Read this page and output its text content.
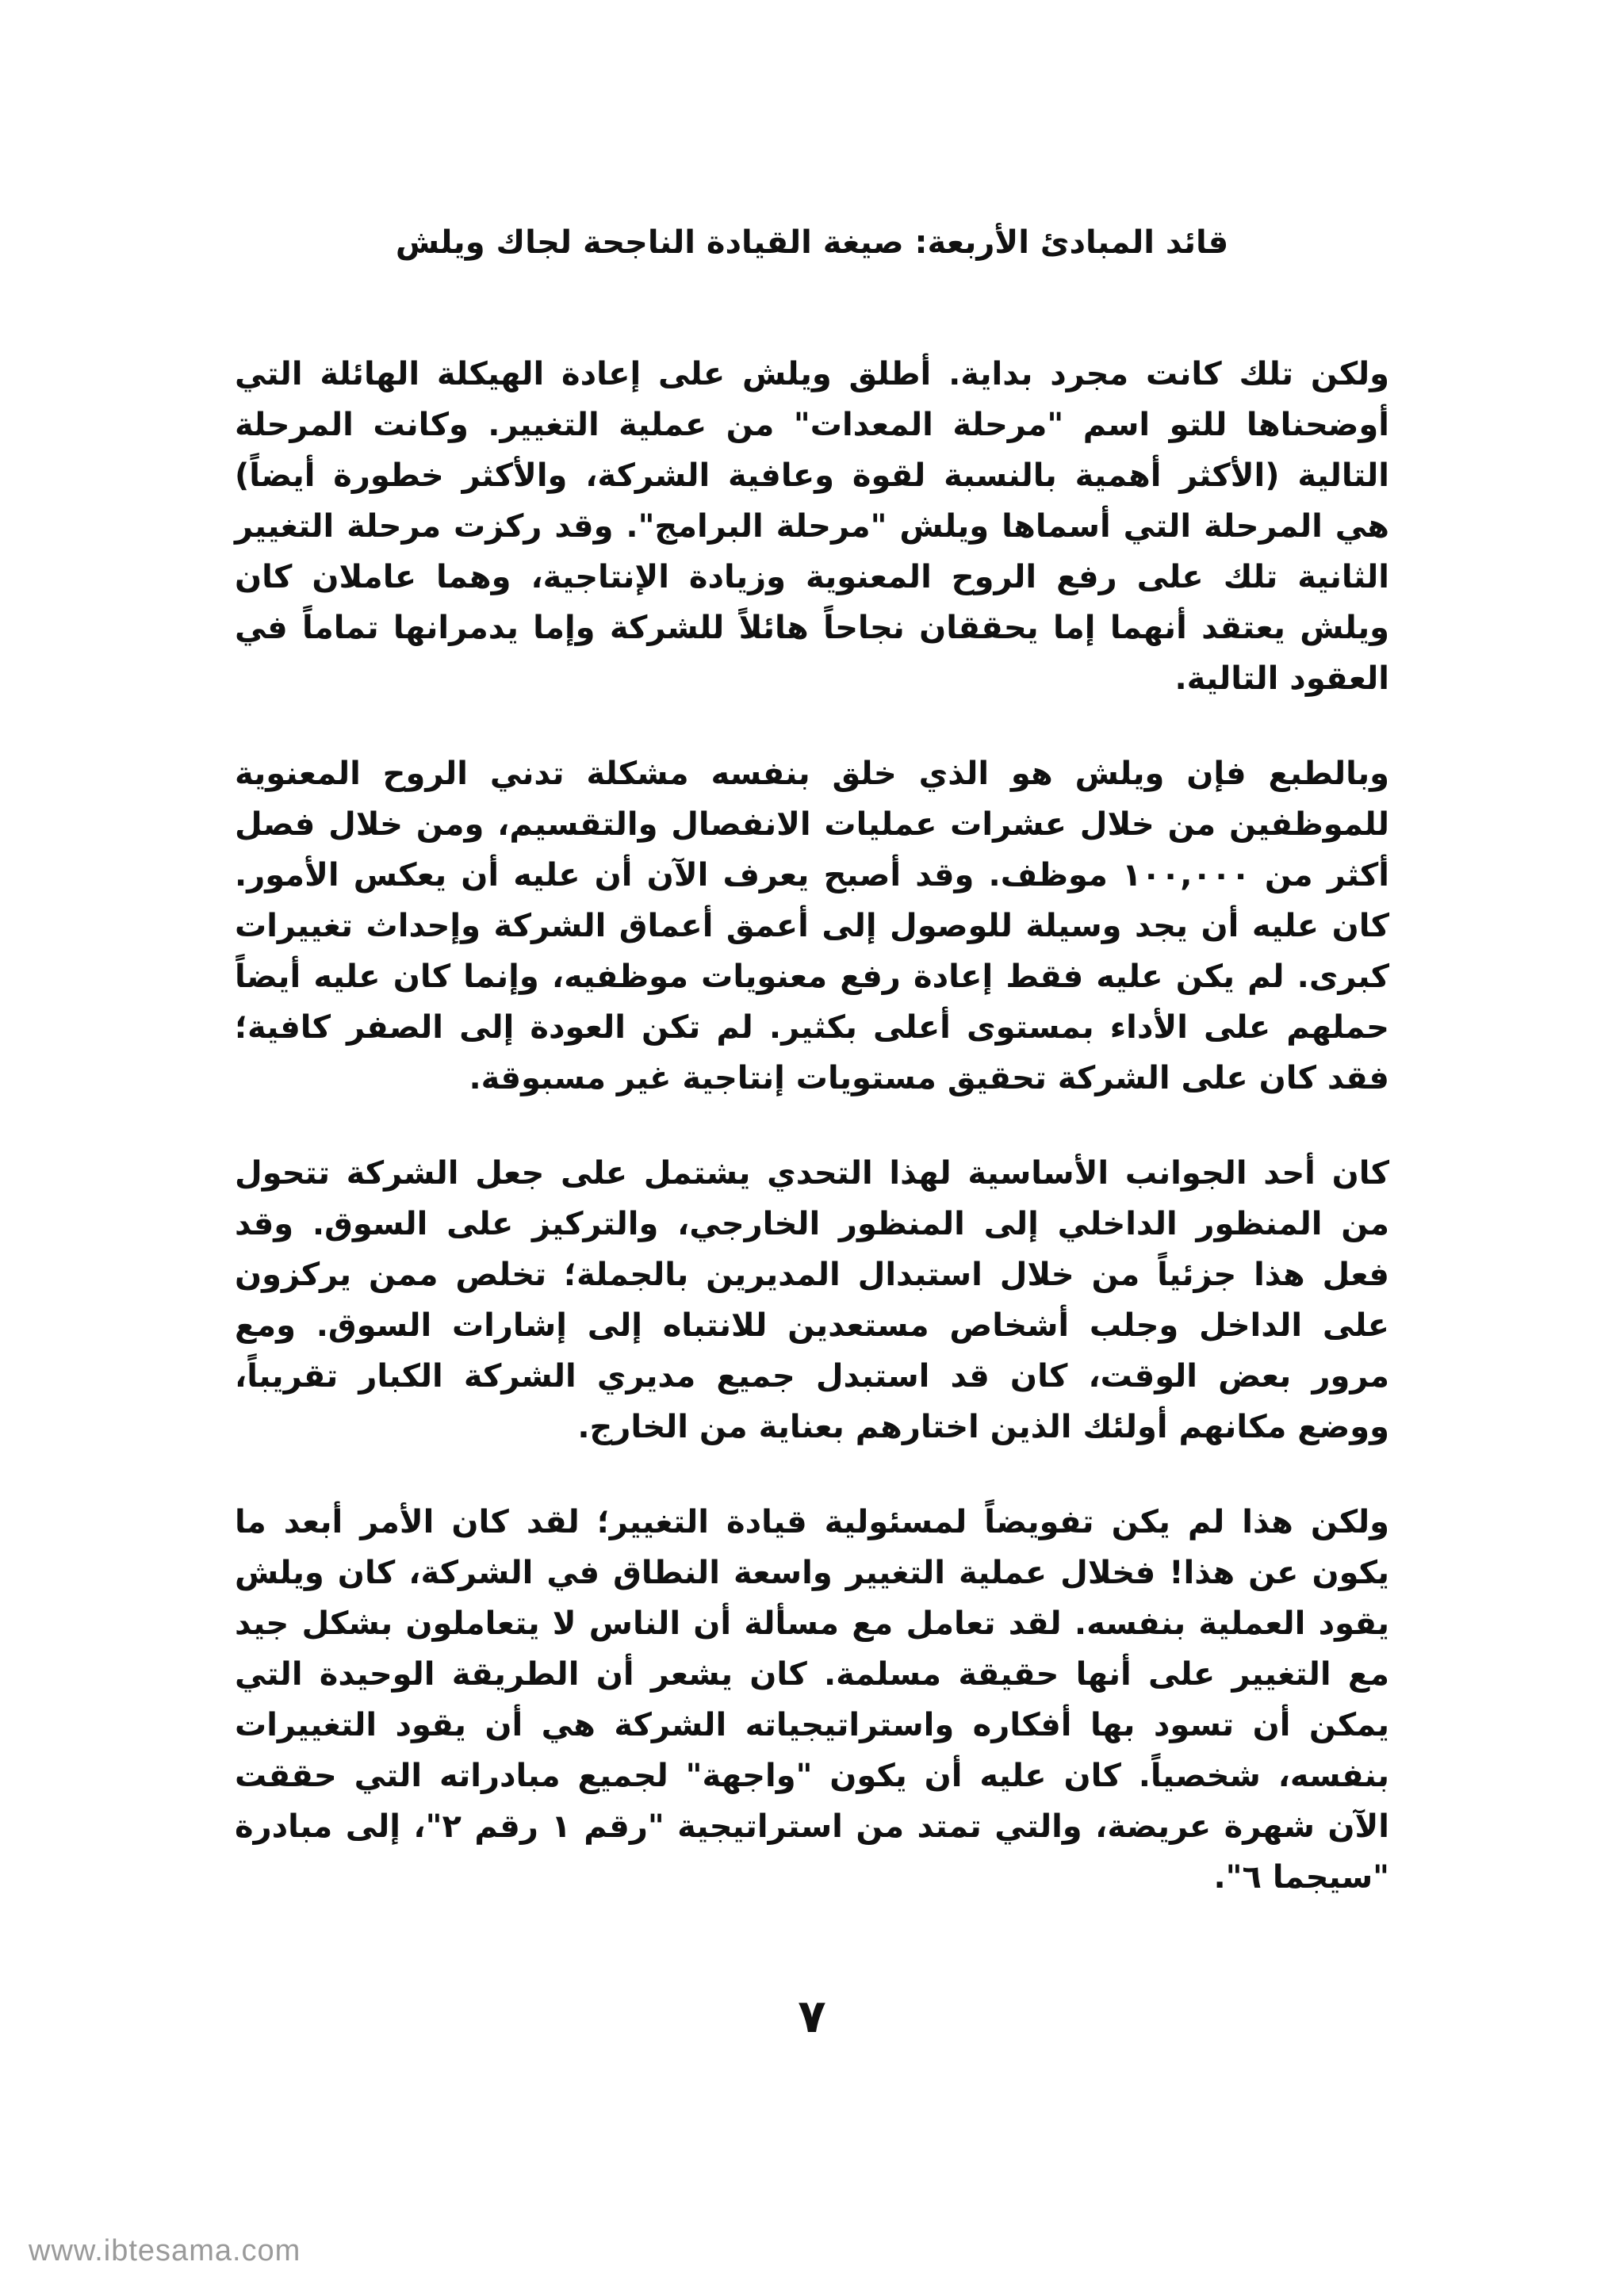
قائد المبادئ الأربعة: صيغة القيادة الناجحة لجاك ويلش

ولكن تلك كانت مجرد بداية. أطلق ويلش على إعادة الهيكلة الهائلة التي أوضحناها للتو اسم "مرحلة المعدات" من عملية التغيير. وكانت المرحلة التالية (الأكثر أهمية بالنسبة لقوة وعافية الشركة، والأكثر خطورة أيضاً) هي المرحلة التي أسماها ويلش "مرحلة البرامج". وقد ركزت مرحلة التغيير الثانية تلك على رفع الروح المعنوية وزيادة الإنتاجية، وهما عاملان كان ويلش يعتقد أنهما إما يحققان نجاحاً هائلاً للشركة وإما يدمرانها تماماً في العقود التالية.

وبالطبع فإن ويلش هو الذي خلق بنفسه مشكلة تدني الروح المعنوية للموظفين من خلال عشرات عمليات الانفصال والتقسيم، ومن خلال فصل أكثر من ١٠٠,٠٠٠ موظف. وقد أصبح يعرف الآن أن عليه أن يعكس الأمور. كان عليه أن يجد وسيلة للوصول إلى أعمق أعماق الشركة وإحداث تغييرات كبرى. لم يكن عليه فقط إعادة رفع معنويات موظفيه، وإنما كان عليه أيضاً حملهم على الأداء بمستوى أعلى بكثير. لم تكن العودة إلى الصفر كافية؛ فقد كان على الشركة تحقيق مستويات إنتاجية غير مسبوقة.

كان أحد الجوانب الأساسية لهذا التحدي يشتمل على جعل الشركة تتحول من المنظور الداخلي إلى المنظور الخارجي، والتركيز على السوق. وقد فعل هذا جزئياً من خلال استبدال المديرين بالجملة؛ تخلص ممن يركزون على الداخل وجلب أشخاص مستعدين للانتباه إلى إشارات السوق. ومع مرور بعض الوقت، كان قد استبدل جميع مديري الشركة الكبار تقريباً، ووضع مكانهم أولئك الذين اختارهم بعناية من الخارج.

ولكن هذا لم يكن تفويضاً لمسئولية قيادة التغيير؛ لقد كان الأمر أبعد ما يكون عن هذا! فخلال عملية التغيير واسعة النطاق في الشركة، كان ويلش يقود العملية بنفسه. لقد تعامل مع مسألة أن الناس لا يتعاملون بشكل جيد مع التغيير على أنها حقيقة مسلمة. كان يشعر أن الطريقة الوحيدة التي يمكن أن تسود بها أفكاره واستراتيجياته الشركة هي أن يقود التغييرات بنفسه، شخصياً. كان عليه أن يكون "واجهة" لجميع مبادراته التي حققت الآن شهرة عريضة، والتي تمتد من استراتيجية "رقم ١ رقم ٢"، إلى مبادرة "سيجما ٦".

٧
www.ibtesama.com
